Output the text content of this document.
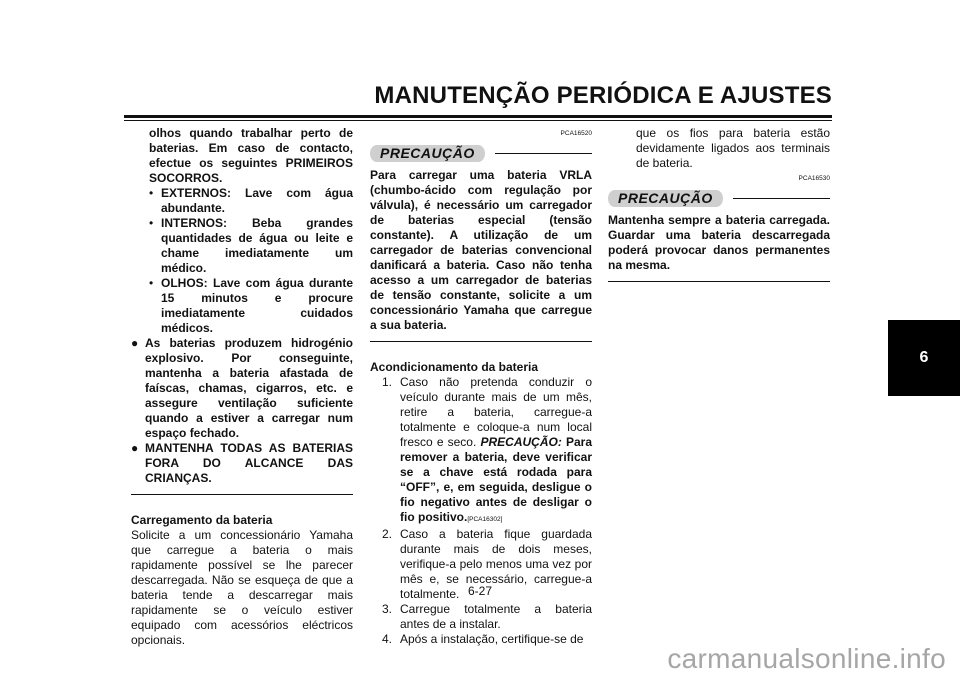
MANUTENÇÃO PERIÓDICA E AJUSTES
6
olhos quando trabalhar perto de baterias. Em caso de contacto, efectue os seguintes PRIMEIROS SOCORROS.
• EXTERNOS: Lave com água abundante.
• INTERNOS: Beba grandes quantidades de água ou leite e chame imediatamente um médico.
• OLHOS: Lave com água durante 15 minutos e procure imediatamente cuidados médicos.
● As baterias produzem hidrogénio explosivo. Por conseguinte, mantenha a bateria afastada de faíscas, chamas, cigarros, etc. e assegure ventilação suficiente quando a estiver a carregar num espaço fechado.
● MANTENHA TODAS AS BATERIAS FORA DO ALCANCE DAS CRIANÇAS.
Carregamento da bateria
Solicite a um concessionário Yamaha que carregue a bateria o mais rapidamente possível se lhe parecer descarregada. Não se esqueça de que a bateria tende a descarregar mais rapidamente se o veículo estiver equipado com acessórios eléctricos opcionais.
PCA16520
PRECAUÇÃO
Para carregar uma bateria VRLA (chumbo-ácido com regulação por válvula), é necessário um carregador de baterias especial (tensão constante). A utilização de um carregador de baterias convencional danificará a bateria. Caso não tenha acesso a um carregador de baterias de tensão constante, solicite a um concessionário Yamaha que carregue a sua bateria.
Acondicionamento da bateria
1. Caso não pretenda conduzir o veículo durante mais de um mês, retire a bateria, carregue-a totalmente e coloque-a num local fresco e seco. PRECAUÇÃO: Para remover a bateria, deve verificar se a chave está rodada para “OFF”, e, em seguida, desligue o fio negativo antes de desligar o fio positivo.[PCA16302]
2. Caso a bateria fique guardada durante mais de dois meses, verifique-a pelo menos uma vez por mês e, se necessário, carregue-a totalmente.
3. Carregue totalmente a bateria antes de a instalar.
4. Após a instalação, certifique-se de
que os fios para bateria estão devidamente ligados aos terminais de bateria.
PCA16530
PRECAUÇÃO
Mantenha sempre a bateria carregada. Guardar uma bateria descarregada poderá provocar danos permanentes na mesma.
6-27
carmanualsonline.info
